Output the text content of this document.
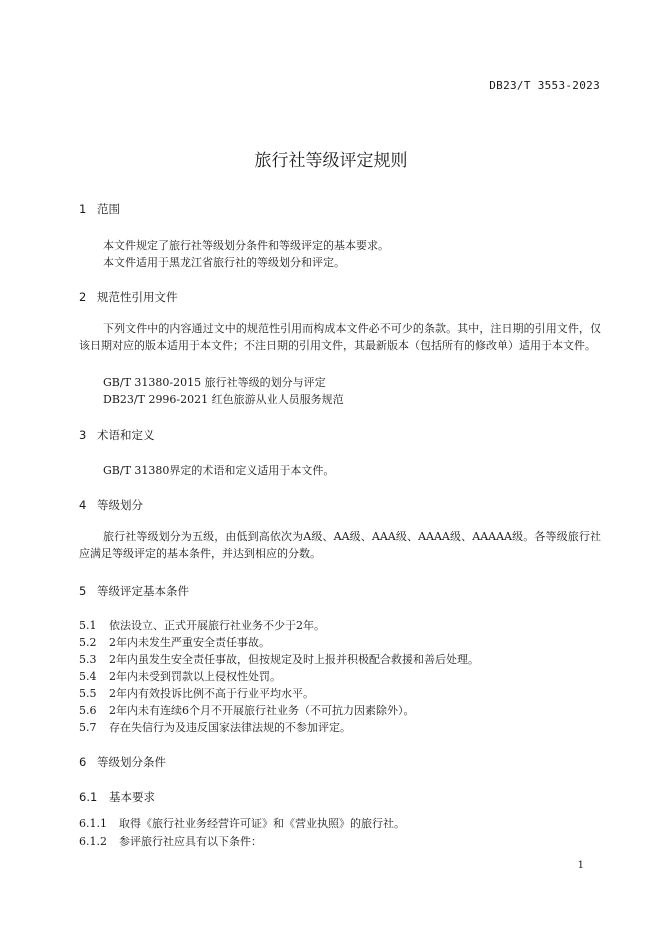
DB23/T 3553-2023
旅行社等级评定规则
1 范围
本文件规定了旅行社等级划分条件和等级评定的基本要求。
本文件适用于黑龙江省旅行社的等级划分和评定。
2 规范性引用文件
下列文件中的内容通过文中的规范性引用而构成本文件必不可少的条款。其中，注日期的引用文件，仅该日期对应的版本适用于本文件；不注日期的引用文件，其最新版本（包括所有的修改单）适用于本文件。
GB/T 31380-2015 旅行社等级的划分与评定
DB23/T 2996-2021 红色旅游从业人员服务规范
3 术语和定义
GB/T 31380界定的术语和定义适用于本文件。
4 等级划分
旅行社等级划分为五级，由低到高依次为A级、AA级、AAA级、AAAA级、AAAAA级。各等级旅行社应满足等级评定的基本条件，并达到相应的分数。
5 等级评定基本条件
5.1 依法设立、正式开展旅行社业务不少于2年。
5.2 2年内未发生严重安全责任事故。
5.3 2年内虽发生安全责任事故，但按规定及时上报并积极配合救援和善后处理。
5.4 2年内未受到罚款以上侵权性处罚。
5.5 2年内有效投诉比例不高于行业平均水平。
5.6 2年内未有连续6个月不开展旅行社业务（不可抗力因素除外）。
5.7 存在失信行为及违反国家法律法规的不参加评定。
6 等级划分条件
6.1 基本要求
6.1.1 取得《旅行社业务经营许可证》和《营业执照》的旅行社。
6.1.2 参评旅行社应具有以下条件：
1
